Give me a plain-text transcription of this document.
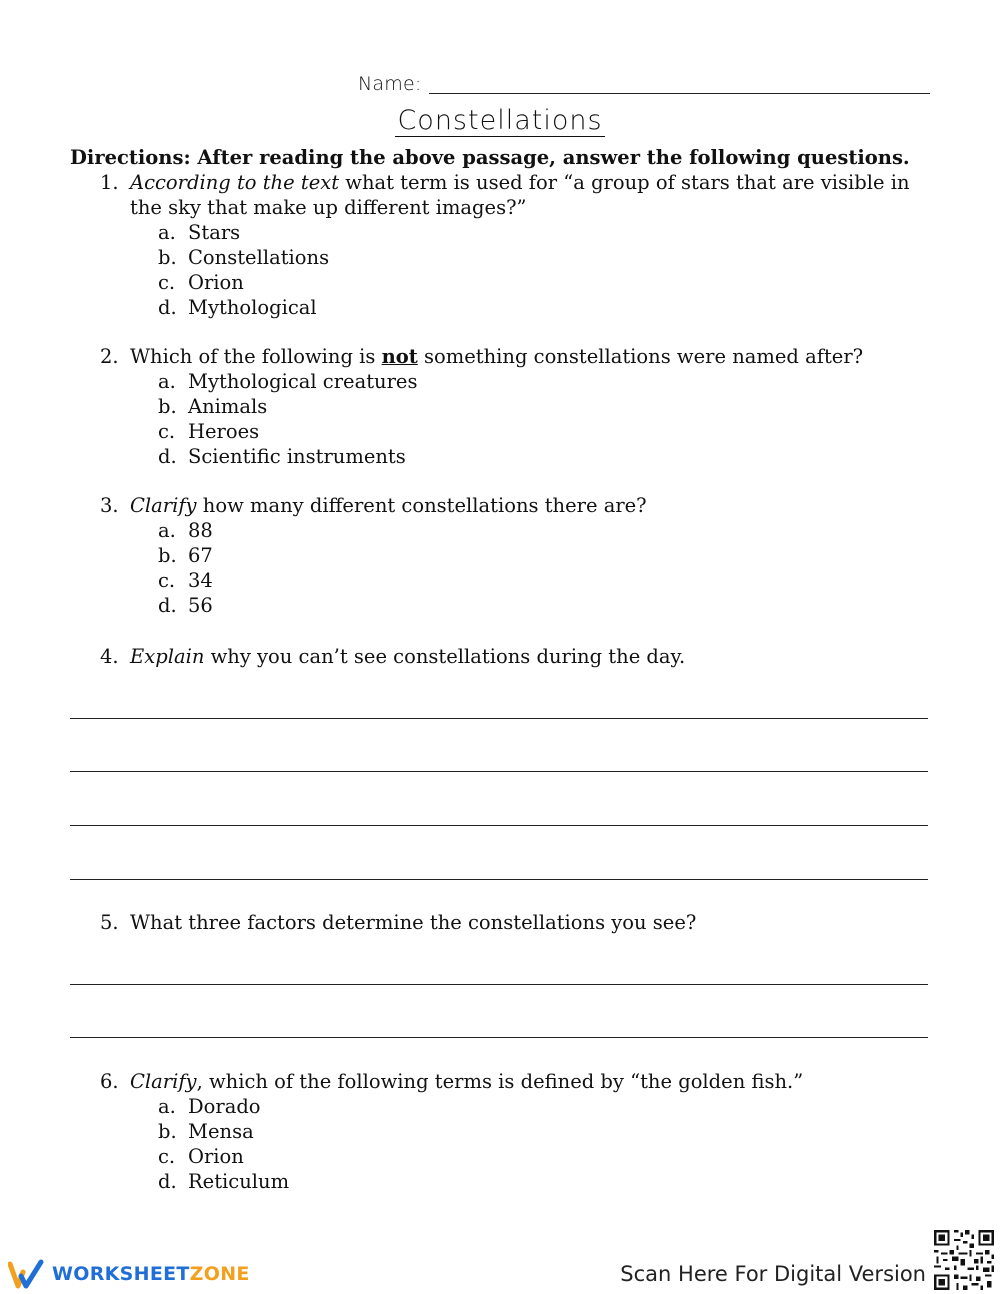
Name:
Constellations
Directions: After reading the above passage, answer the following questions.
1. According to the text what term is used for “a group of stars that are visible in the sky that make up different images?”
a. Stars
b. Constellations
c. Orion
d. Mythological
2. Which of the following is not something constellations were named after?
a. Mythological creatures
b. Animals
c. Heroes
d. Scientific instruments
3. Clarify how many different constellations there are?
a. 88
b. 67
c. 34
d. 56
4. Explain why you can’t see constellations during the day.
5. What three factors determine the constellations you see?
6. Clarify, which of the following terms is defined by “the golden fish.”
a. Dorado
b. Mensa
c. Orion
d. Reticulum
WORKSHEETZONE	Scan Here For Digital Version
